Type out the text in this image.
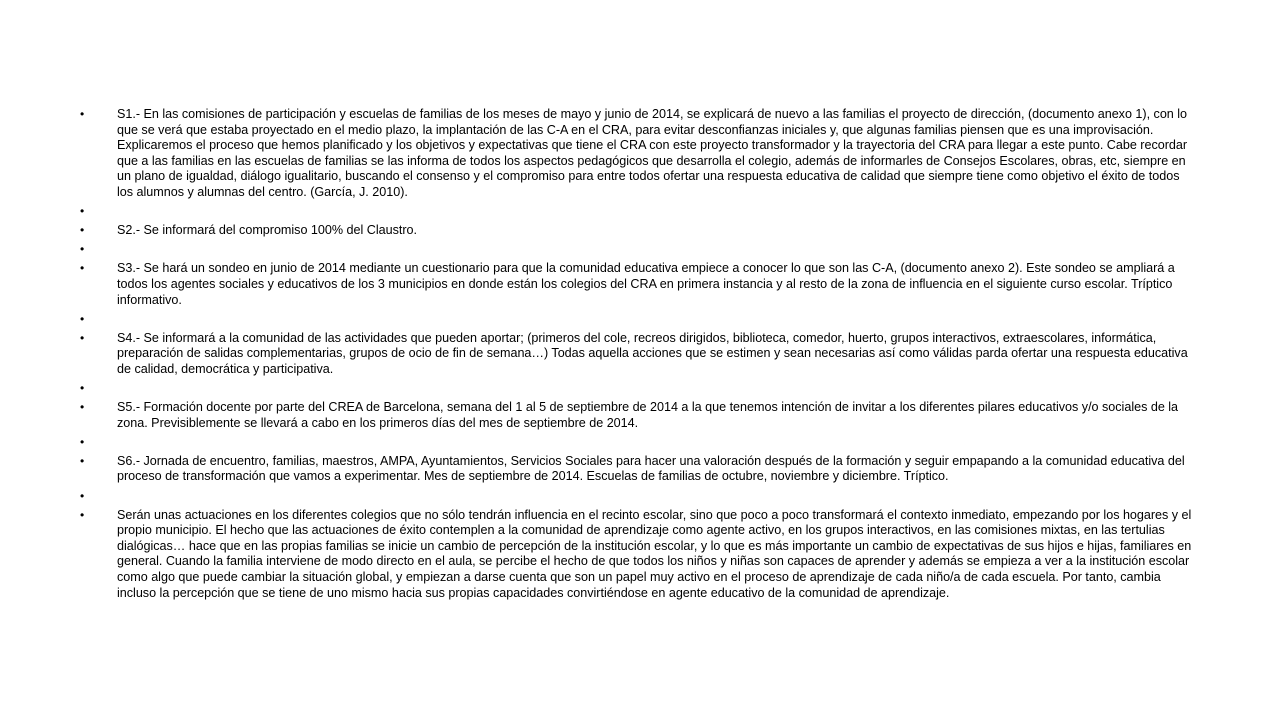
•	S1.- En las comisiones de participación y escuelas de familias de los meses de mayo y junio de 2014, se explicará de nuevo a las familias el proyecto de dirección, (documento anexo 1), con lo que se verá que estaba proyectado en el medio plazo, la implantación de las C-A en el CRA, para evitar desconfianzas iniciales y, que algunas familias piensen que es una improvisación. Explicaremos el proceso que hemos planificado y los objetivos y expectativas que tiene el CRA con este proyecto transformador y la trayectoria del CRA para llegar a este punto. Cabe recordar que a las familias en las escuelas de familias se las informa de todos los aspectos pedagógicos que desarrolla el colegio, además de informarles de Consejos Escolares, obras, etc, siempre en un plano de igualdad, diálogo igualitario, buscando el consenso y el compromiso para entre todos ofertar una respuesta educativa de calidad que siempre tiene como objetivo el éxito de todos los alumnos y alumnas del centro. (García, J. 2010).
•
•	S2.- Se informará del compromiso 100% del Claustro.
•
•	S3.- Se hará un sondeo en junio de 2014 mediante un cuestionario para que la comunidad educativa empiece a conocer lo que son las C-A, (documento anexo 2). Este sondeo se ampliará a todos los agentes sociales y educativos de los 3 municipios en donde están los colegios del CRA en primera instancia y al resto de la zona de influencia en el siguiente curso escolar. Tríptico informativo.
•
•	S4.- Se informará a la comunidad de las actividades que pueden aportar; (primeros del cole, recreos dirigidos, biblioteca, comedor, huerto, grupos interactivos, extraescolares, informática, preparación de salidas complementarias, grupos de ocio de fin de semana…) Todas aquella acciones que se estimen y sean necesarias así como válidas parda ofertar una respuesta educativa de calidad, democrática y participativa.
•
•	S5.- Formación docente por parte del CREA de Barcelona, semana del 1 al 5 de septiembre de 2014 a la que tenemos intención de invitar a los diferentes pilares educativos y/o sociales de la zona. Previsiblemente se llevará a cabo en los primeros días del mes de septiembre de 2014.
•
•	S6.- Jornada de encuentro, familias, maestros, AMPA, Ayuntamientos, Servicios Sociales para hacer una valoración después de la formación y seguir empapando a la comunidad educativa del proceso de transformación que vamos a experimentar. Mes de septiembre de 2014. Escuelas de familias de octubre, noviembre y diciembre. Tríptico.
•
•	Serán unas actuaciones en los diferentes colegios que no sólo tendrán influencia en el recinto escolar, sino que poco a poco transformará el contexto inmediato, empezando por los hogares y el propio municipio. El hecho que las actuaciones de éxito contemplen a la comunidad de aprendizaje como agente activo, en los grupos interactivos, en las comisiones mixtas, en las tertulias dialógicas… hace que en las propias familias se inicie un cambio de percepción de la institución escolar, y lo que es más importante un cambio de expectativas de sus hijos e hijas, familiares en general. Cuando la familia interviene de modo directo en el aula, se percibe el hecho de que todos los niños y niñas son capaces de aprender y además se empieza a ver a la institución escolar como algo que puede cambiar la situación global, y empiezan a darse cuenta que son un papel muy activo en el proceso de aprendizaje de cada niño/a de cada escuela. Por tanto, cambia incluso la percepción que se tiene de uno mismo hacia sus propias capacidades convirtiéndose en agente educativo de la comunidad de aprendizaje.
